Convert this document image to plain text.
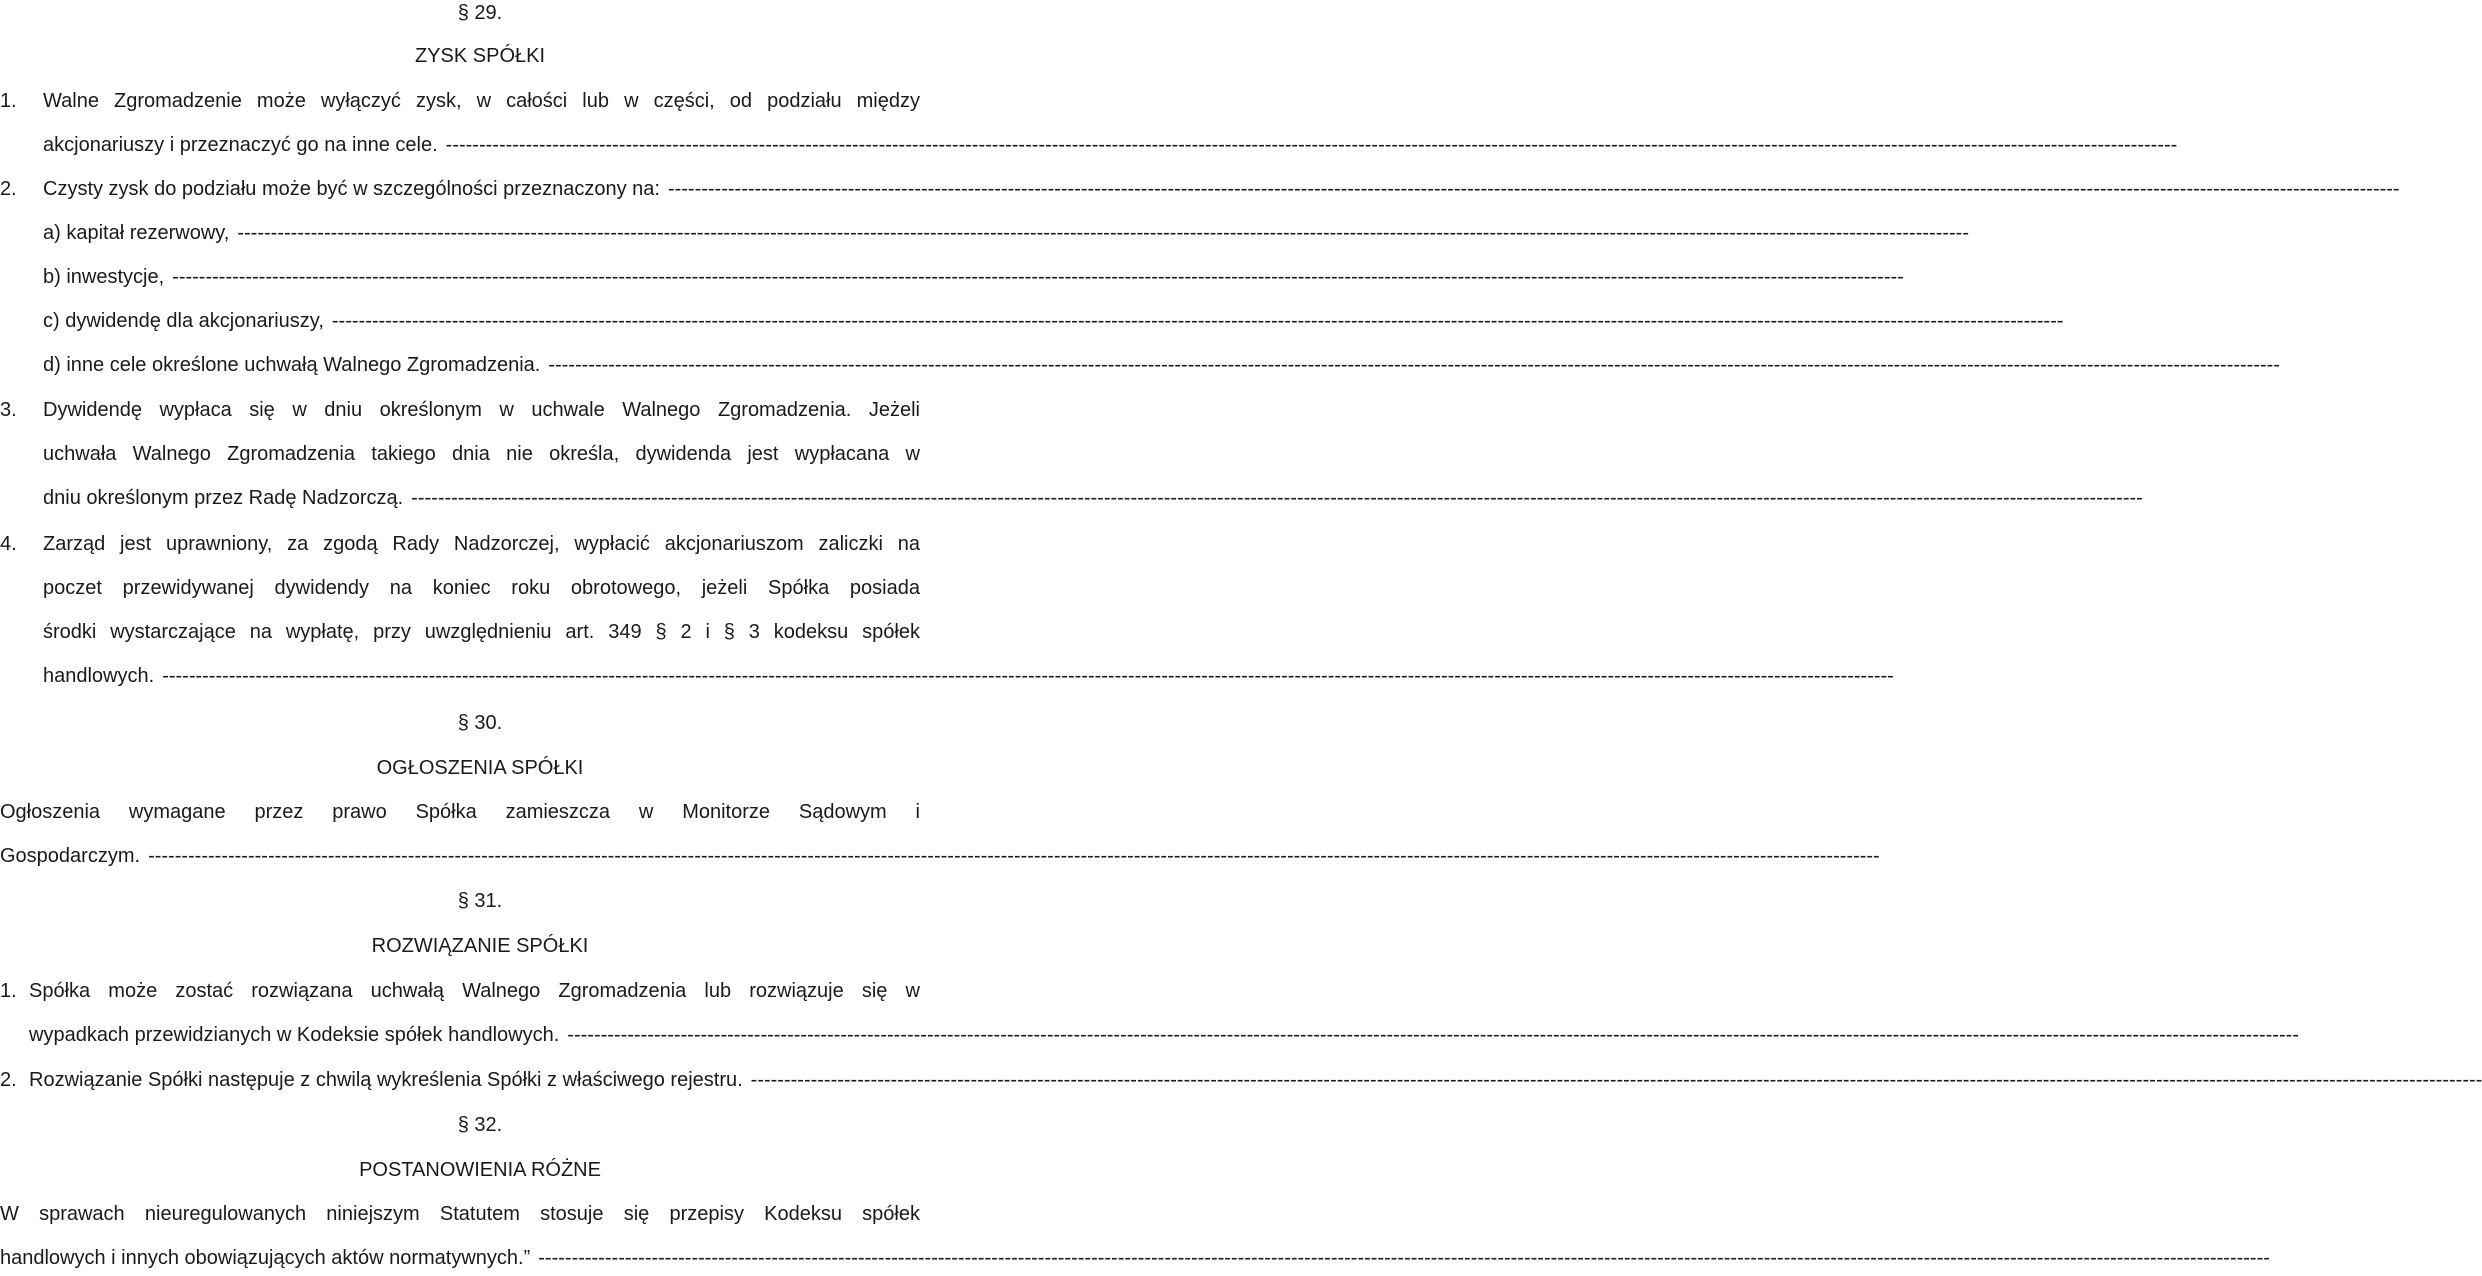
§ 29.
ZYSK SPÓŁKI
1. Walne Zgromadzenie może wyłączyć zysk, w całości lub w części, od podziału między
akcjonariuszy i przeznaczyć go na inne cele. --------------------------------------------------------------------------------------------------------------------------------------------------------------------------------------------------------------------------------------------------------------------
2. Czysty zysk do podziału może być w szczególności przeznaczony na: --------------------------------------------------------------------------------------------------------------------------------------------------------------------------------------------------------------------------------------------------------------------
a) kapitał rezerwowy, --------------------------------------------------------------------------------------------------------------------------------------------------------------------------------------------------------------------------------------------------------------------
b) inwestycje, --------------------------------------------------------------------------------------------------------------------------------------------------------------------------------------------------------------------------------------------------------------------
c) dywidendę dla akcjonariuszy, --------------------------------------------------------------------------------------------------------------------------------------------------------------------------------------------------------------------------------------------------------------------
d) inne cele określone uchwałą Walnego Zgromadzenia. --------------------------------------------------------------------------------------------------------------------------------------------------------------------------------------------------------------------------------------------------------------------
3. Dywidendę wypłaca się w dniu określonym w uchwale Walnego Zgromadzenia. Jeżeli
uchwała Walnego Zgromadzenia takiego dnia nie określa, dywidenda jest wypłacana w
dniu określonym przez Radę Nadzorczą. --------------------------------------------------------------------------------------------------------------------------------------------------------------------------------------------------------------------------------------------------------------------
4. Zarząd jest uprawniony, za zgodą Rady Nadzorczej, wypłacić akcjonariuszom zaliczki na
poczet przewidywanej dywidendy na koniec roku obrotowego, jeżeli Spółka posiada
środki wystarczające na wypłatę, przy uwzględnieniu art. 349 § 2 i § 3 kodeksu spółek
handlowych. --------------------------------------------------------------------------------------------------------------------------------------------------------------------------------------------------------------------------------------------------------------------
§ 30.
OGŁOSZENIA SPÓŁKI
Ogłoszenia wymagane przez prawo Spółka zamieszcza w Monitorze Sądowym i
Gospodarczym. --------------------------------------------------------------------------------------------------------------------------------------------------------------------------------------------------------------------------------------------------------------------
§ 31.
ROZWIĄZANIE SPÓŁKI
1. Spółka może zostać rozwiązana uchwałą Walnego Zgromadzenia lub rozwiązuje się w
wypadkach przewidzianych w Kodeksie spółek handlowych. --------------------------------------------------------------------------------------------------------------------------------------------------------------------------------------------------------------------------------------------------------------------
2. Rozwiązanie Spółki następuje z chwilą wykreślenia Spółki z właściwego rejestru. --------------------------------------------------------------------------------------------------------------------------------------------------------------------------------------------------------------------------------------------------------------------
§ 32.
POSTANOWIENIA RÓŻNE
W sprawach nieuregulowanych niniejszym Statutem stosuje się przepisy Kodeksu spółek
handlowych i innych obowiązujących aktów normatywnych.” --------------------------------------------------------------------------------------------------------------------------------------------------------------------------------------------------------------------------------------------------------------------
